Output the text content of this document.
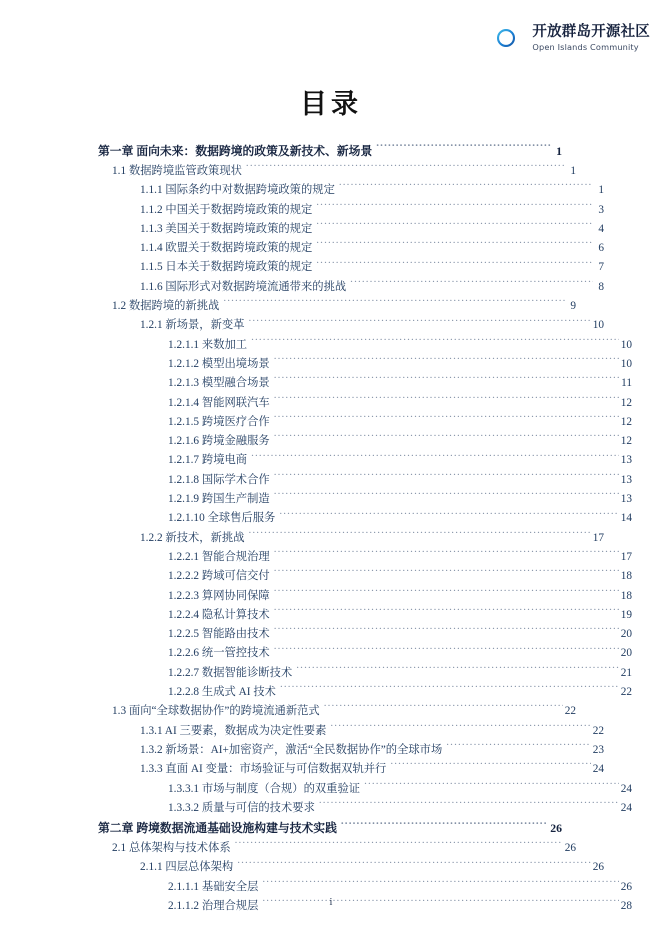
开放群岛开源社区
Open Islands Community
目录
第一章 面向未来：数据跨境的政策及新技术、新场景 .....	1
1.1 数据跨境监管政策现状 .....	1
1.1.1 国际条约中对数据跨境政策的规定 .....	1
1.1.2 中国关于数据跨境政策的规定 .....	3
1.1.3 美国关于数据跨境政策的规定 .....	4
1.1.4 欧盟关于数据跨境政策的规定 .....	6
1.1.5 日本关于数据跨境政策的规定 .....	7
1.1.6 国际形式对数据跨境流通带来的挑战 .....	8
1.2 数据跨境的新挑战 .....	9
1.2.1 新场景，新变革 .....	10
1.2.1.1 来数加工 .....	10
1.2.1.2 模型出境场景 .....	10
1.2.1.3 模型融合场景 .....	11
1.2.1.4 智能网联汽车 .....	12
1.2.1.5 跨境医疗合作 .....	12
1.2.1.6 跨境金融服务 .....	12
1.2.1.7 跨境电商 .....	13
1.2.1.8 国际学术合作 .....	13
1.2.1.9 跨国生产制造 .....	13
1.2.1.10 全球售后服务 .....	14
1.2.2 新技术，新挑战 .....	17
1.2.2.1 智能合规治理 .....	17
1.2.2.2 跨域可信交付 .....	18
1.2.2.3 算网协同保障 .....	18
1.2.2.4 隐私计算技术 .....	19
1.2.2.5 智能路由技术 .....	20
1.2.2.6 统一管控技术 .....	20
1.2.2.7 数据智能诊断技术 .....	21
1.2.2.8 生成式 AI 技术 .....	22
1.3 面向“全球数据协作”的跨境流通新范式 .....	22
1.3.1 AI 三要素，数据成为决定性要素 .....	22
1.3.2 新场景：AI+加密资产，激活“全民数据协作”的全球市场 .....	23
1.3.3 直面 AI 变量：市场验证与可信数据双轨并行 .....	24
1.3.3.1 市场与制度（合规）的双重验证 .....	24
1.3.3.2 质量与可信的技术要求 .....	24
第二章 跨境数据流通基础设施构建与技术实践 .....	26
2.1 总体架构与技术体系 .....	26
2.1.1 四层总体架构 .....	26
2.1.1.1 基础安全层 .....	26
2.1.1.2 治理合规层 .....	28
i
